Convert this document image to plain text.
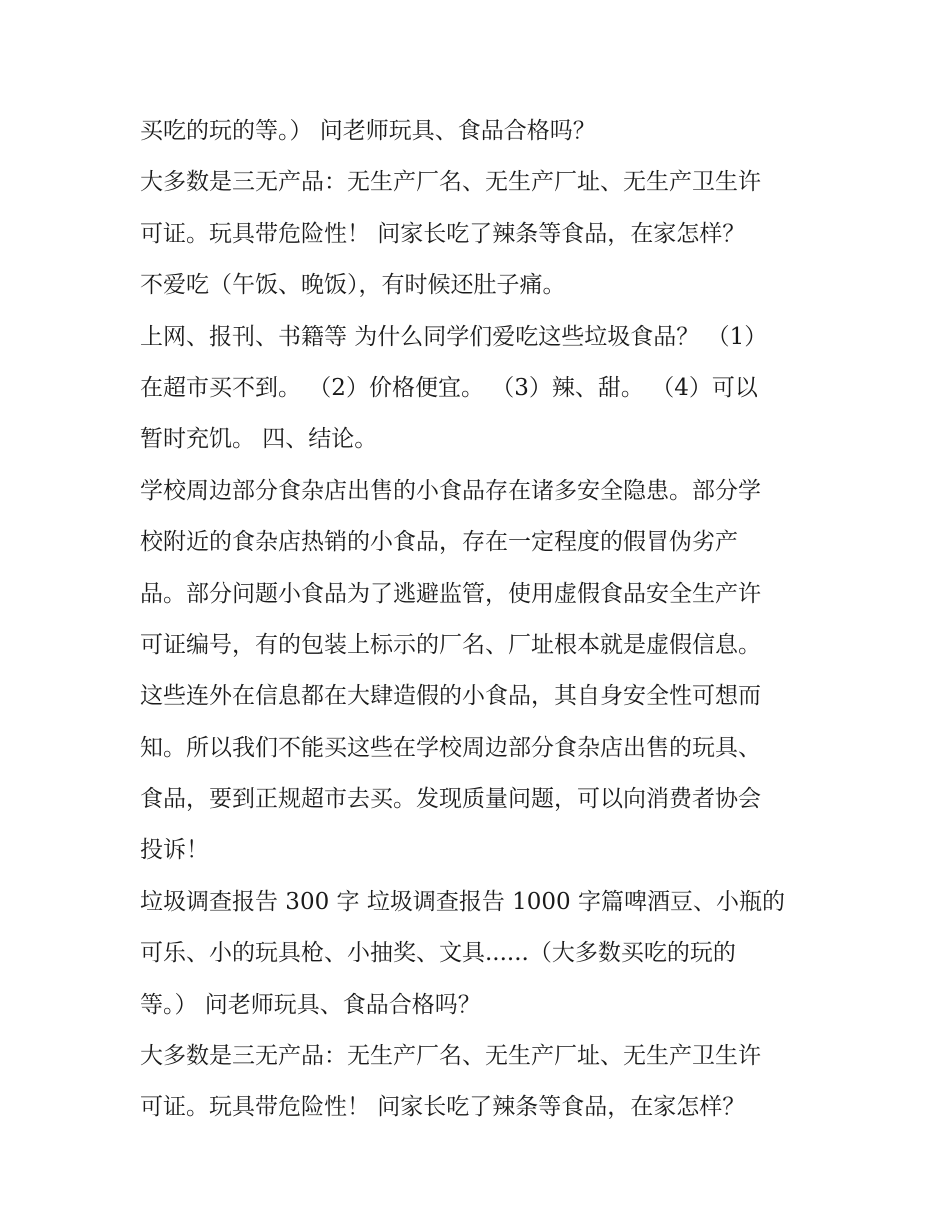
买吃的玩的等。） 问老师玩具、食品合格吗？
大多数是三无产品：无生产厂名、无生产厂址、无生产卫生许
可证。玩具带危险性！ 问家长吃了辣条等食品，在家怎样？
不爱吃（午饭、晚饭），有时候还肚子痛。
上网、报刊、书籍等 为什么同学们爱吃这些垃圾食品？ （1）
在超市买不到。 （2）价格便宜。 （3）辣、甜。 （4）可以
暂时充饥。 四、结论。
学校周边部分食杂店出售的小食品存在诸多安全隐患。部分学
校附近的食杂店热销的小食品，存在一定程度的假冒伪劣产
品。部分问题小食品为了逃避监管，使用虚假食品安全生产许
可证编号，有的包装上标示的厂名、厂址根本就是虚假信息。
这些连外在信息都在大肆造假的小食品，其自身安全性可想而
知。所以我们不能买这些在学校周边部分食杂店出售的玩具、
食品，要到正规超市去买。发现质量问题，可以向消费者协会
投诉！
垃圾调查报告 300 字 垃圾调查报告 1000 字篇啤酒豆、小瓶的
可乐、小的玩具枪、小抽奖、文具......（大多数买吃的玩的
等。） 问老师玩具、食品合格吗？
大多数是三无产品：无生产厂名、无生产厂址、无生产卫生许
可证。玩具带危险性！ 问家长吃了辣条等食品，在家怎样？
